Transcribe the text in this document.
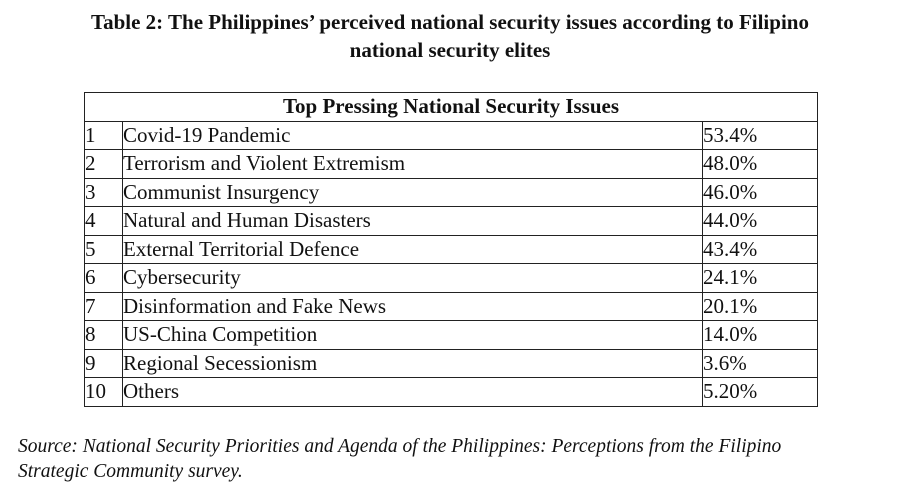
Table 2: The Philippines’ perceived national security issues according to Filipino
national security elites
Top Pressing National Security Issues		
1	Covid-19 Pandemic	53.4%
2	Terrorism and Violent Extremism	48.0%
3	Communist Insurgency	46.0%
4	Natural and Human Disasters	44.0%
5	External Territorial Defence	43.4%
6	Cybersecurity	24.1%
7	Disinformation and Fake News	20.1%
8	US-China Competition	14.0%
9	Regional Secessionism	3.6%
10	Others	5.20%
Source: National Security Priorities and Agenda of the Philippines: Perceptions from the Filipino
Strategic Community survey.
